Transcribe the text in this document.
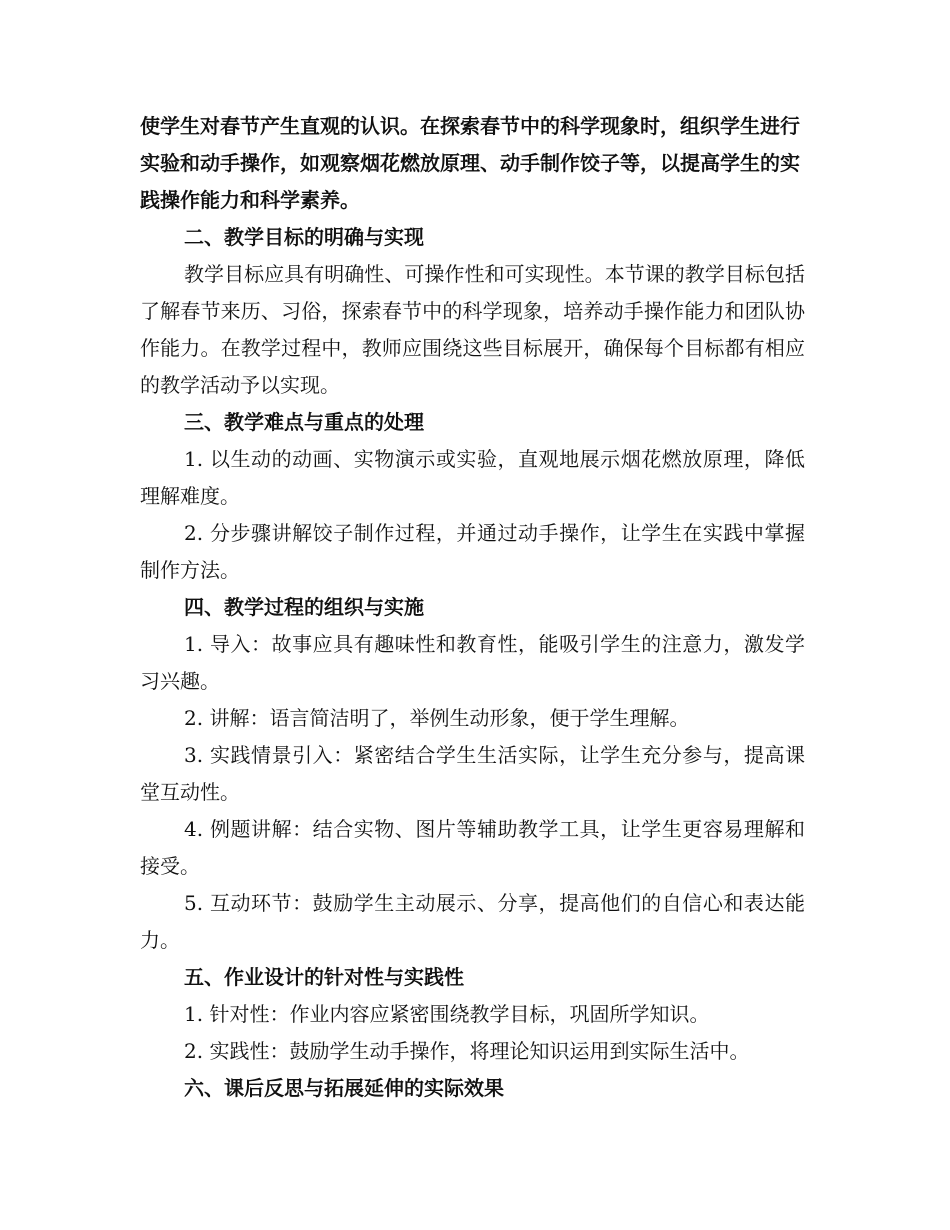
使学生对春节产生直观的认识。在探索春节中的科学现象时，组织学生进行实验和动手操作，如观察烟花燃放原理、动手制作饺子等，以提高学生的实践操作能力和科学素养。

二、教学目标的明确与实现

教学目标应具有明确性、可操作性和可实现性。本节课的教学目标包括了解春节来历、习俗，探索春节中的科学现象，培养动手操作能力和团队协作能力。在教学过程中，教师应围绕这些目标展开，确保每个目标都有相应的教学活动予以实现。

三、教学难点与重点的处理

1. 以生动的动画、实物演示或实验，直观地展示烟花燃放原理，降低理解难度。

2. 分步骤讲解饺子制作过程，并通过动手操作，让学生在实践中掌握制作方法。

四、教学过程的组织与实施

1. 导入：故事应具有趣味性和教育性，能吸引学生的注意力，激发学习兴趣。

2. 讲解：语言简洁明了，举例生动形象，便于学生理解。

3. 实践情景引入：紧密结合学生生活实际，让学生充分参与，提高课堂互动性。

4. 例题讲解：结合实物、图片等辅助教学工具，让学生更容易理解和接受。

5. 互动环节：鼓励学生主动展示、分享，提高他们的自信心和表达能力。

五、作业设计的针对性与实践性

1. 针对性：作业内容应紧密围绕教学目标，巩固所学知识。

2. 实践性：鼓励学生动手操作，将理论知识运用到实际生活中。

六、课后反思与拓展延伸的实际效果
